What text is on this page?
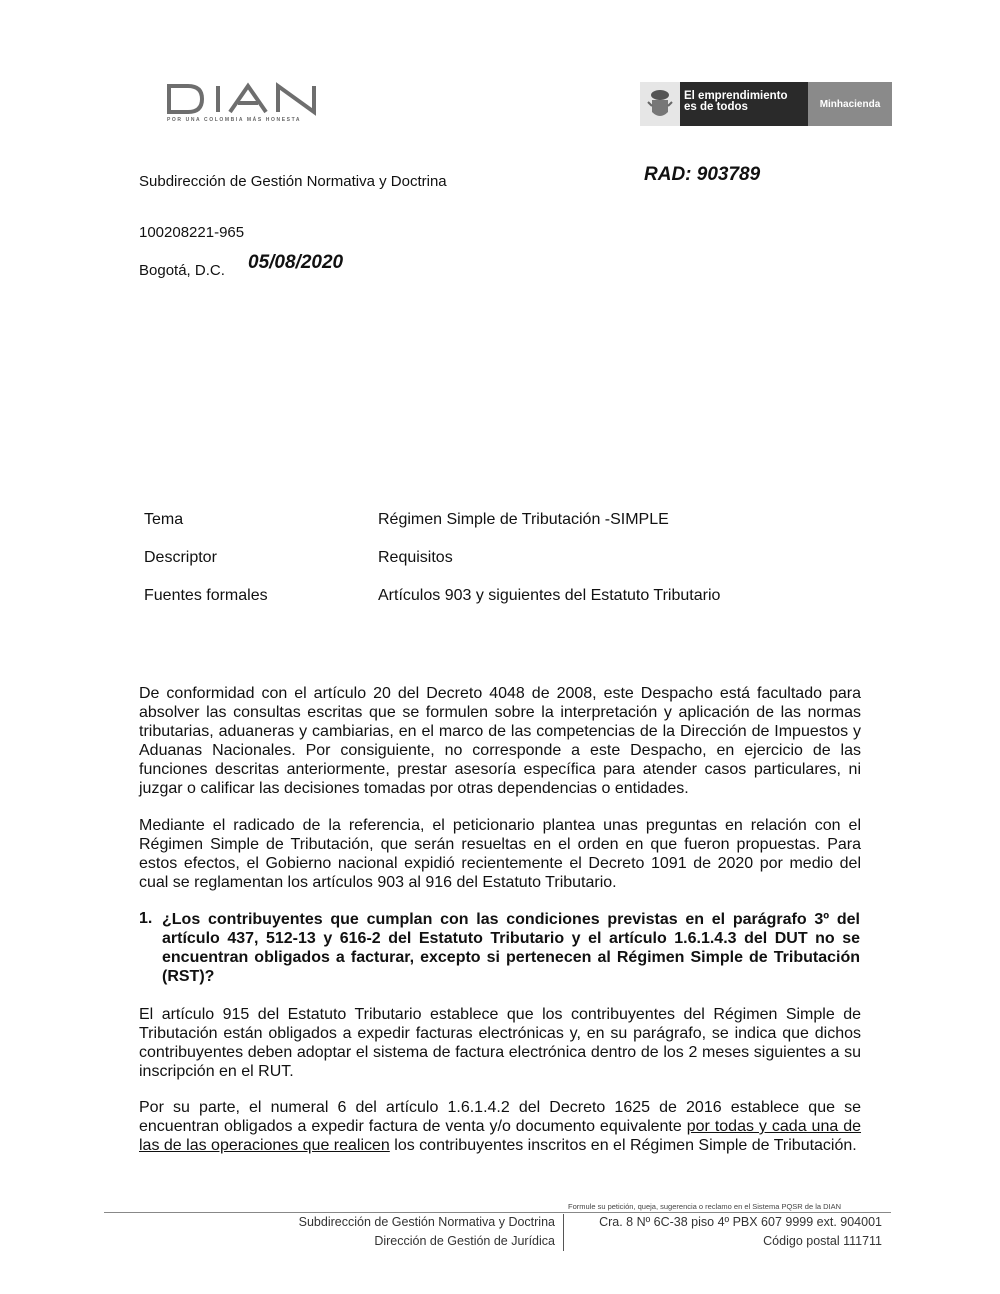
POR UNA COLOMBIA MÁS HONESTA
El emprendimiento
es de todos	Minhacienda
Subdirección de Gestión Normativa y Doctrina	RAD: 903789
100208221-965
Bogotá, D.C. 05/08/2020
Tema	Régimen Simple de Tributación -SIMPLE
Descriptor	Requisitos
Fuentes formales	Artículos 903 y siguientes del Estatuto Tributario

De conformidad con el artículo 20 del Decreto 4048 de 2008, este Despacho está facultado para absolver las consultas escritas que se formulen sobre la interpretación y aplicación de las normas tributarias, aduaneras y cambiarias, en el marco de las competencias de la Dirección de Impuestos y Aduanas Nacionales. Por consiguiente, no corresponde a este Despacho, en ejercicio de las funciones descritas anteriormente, prestar asesoría específica para atender casos particulares, ni juzgar o calificar las decisiones tomadas por otras dependencias o entidades.

Mediante el radicado de la referencia, el peticionario plantea unas preguntas en relación con el Régimen Simple de Tributación, que serán resueltas en el orden en que fueron propuestas. Para estos efectos, el Gobierno nacional expidió recientemente el Decreto 1091 de 2020 por medio del cual se reglamentan los artículos 903 al 916 del Estatuto Tributario.

1. ¿Los contribuyentes que cumplan con las condiciones previstas en el parágrafo 3º del artículo 437, 512-13 y 616-2 del Estatuto Tributario y el artículo 1.6.1.4.3 del DUT no se encuentran obligados a facturar, excepto si pertenecen al Régimen Simple de Tributación (RST)?

El artículo 915 del Estatuto Tributario establece que los contribuyentes del Régimen Simple de Tributación están obligados a expedir facturas electrónicas y, en su parágrafo, se indica que dichos contribuyentes deben adoptar el sistema de factura electrónica dentro de los 2 meses siguientes a su inscripción en el RUT.

Por su parte, el numeral 6 del artículo 1.6.1.4.2 del Decreto 1625 de 2016 establece que se encuentran obligados a expedir factura de venta y/o documento equivalente por todas y cada una de las de las operaciones que realicen los contribuyentes inscritos en el Régimen Simple de Tributación.

Formule su petición, queja, sugerencia o reclamo en el Sistema PQSR de la DIAN
Subdirección de Gestión Normativa y Doctrina
Dirección de Gestión de Jurídica
Cra. 8 Nº 6C-38 piso 4º PBX 607 9999 ext. 904001
Código postal 111711
